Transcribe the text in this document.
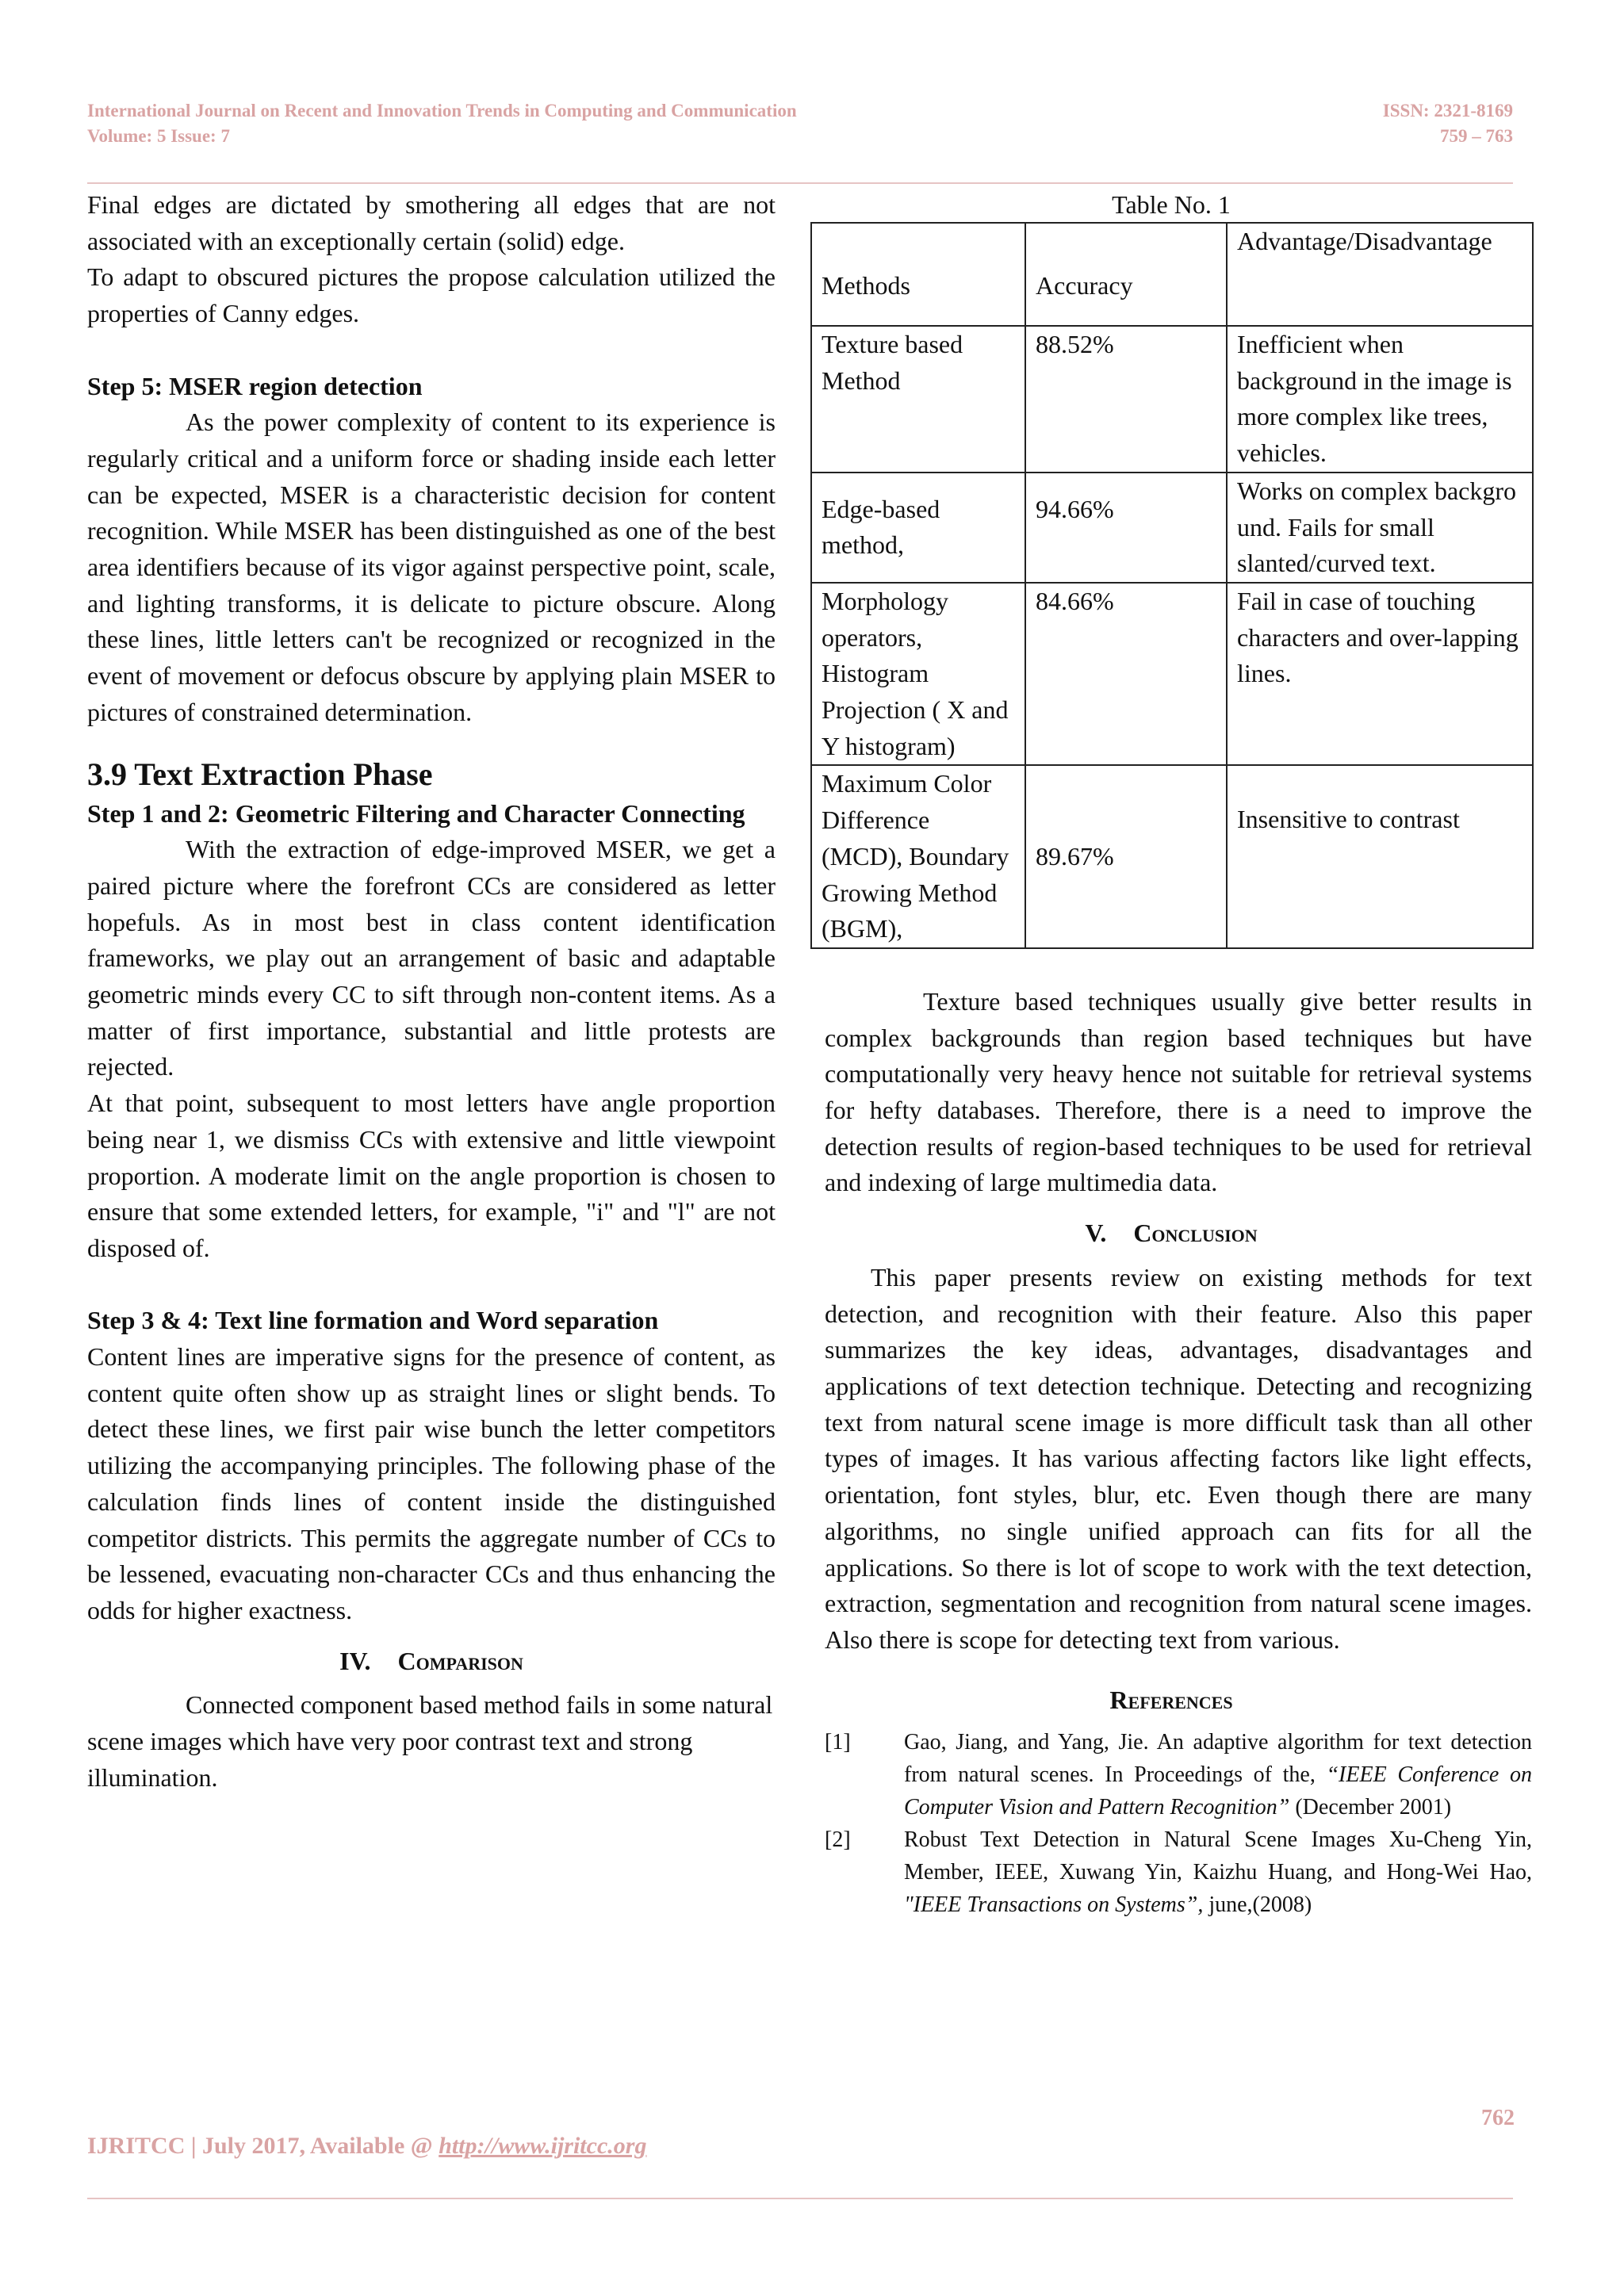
International Journal on Recent and Innovation Trends in Computing and Communication
Volume: 5 Issue: 7
ISSN: 2321-8169
759 – 763

Final edges are dictated by smothering all edges that are not associated with an exceptionally certain (solid) edge.

To adapt to obscured pictures the propose calculation utilized the properties of Canny edges.

Step 5: MSER region detection

As the power complexity of content to its experience is regularly critical and a uniform force or shading inside each letter can be expected, MSER is a characteristic decision for content recognition. While MSER has been distinguished as one of the best area identifiers because of its vigor against perspective point, scale, and lighting transforms, it is delicate to picture obscure. Along these lines, little letters can't be recognized or recognized in the event of movement or defocus obscure by applying plain MSER to pictures of constrained determination.

3.9 Text Extraction Phase

Step 1 and 2: Geometric Filtering and Character Connecting

With the extraction of edge-improved MSER, we get a paired picture where the forefront CCs are considered as letter hopefuls. As in most best in class content identification frameworks, we play out an arrangement of basic and adaptable geometric minds every CC to sift through non-content items. As a matter of first importance, substantial and little protests are rejected.

At that point, subsequent to most letters have angle proportion being near 1, we dismiss CCs with extensive and little viewpoint proportion. A moderate limit on the angle proportion is chosen to ensure that some extended letters, for example, "i" and "l" are not disposed of.

Step 3 & 4: Text line formation and Word separation

Content lines are imperative signs for the presence of content, as content quite often show up as straight lines or slight bends. To detect these lines, we first pair wise bunch the letter competitors utilizing the accompanying principles. The following phase of the calculation finds lines of content inside the distinguished competitor districts. This permits the aggregate number of CCs to be lessened, evacuating non-character CCs and thus enhancing the odds for higher exactness.

IV. Comparison

Connected component based method fails in some natural scene images which have very poor contrast text and strong illumination.

Table No. 1
Methods	Accuracy	Advantage/Disadvantage
Texture based Method	88.52%	Inefficient when background in the image is more complex like trees, vehicles.
Edge-based method,	94.66%	Works on complex backgro und. Fails for small slanted/curved text.
Morphology operators, Histogram Projection ( X and Y histogram)	84.66%	Fail in case of touching characters and over-lapping lines.
Maximum Color Difference (MCD), Boundary Growing Method (BGM),	89.67%	Insensitive to contrast

Texture based techniques usually give better results in complex backgrounds than region based techniques but have computationally very heavy hence not suitable for retrieval systems for hefty databases. Therefore, there is a need to improve the detection results of region-based techniques to be used for retrieval and indexing of large multimedia data.

V. Conclusion

This paper presents review on existing methods for text detection, and recognition with their feature. Also this paper summarizes the key ideas, advantages, disadvantages and applications of text detection technique. Detecting and recognizing text from natural scene image is more difficult task than all other types of images. It has various affecting factors like light effects, orientation, font styles, blur, etc. Even though there are many algorithms, no single unified approach can fits for all the applications. So there is lot of scope to work with the text detection, extraction, segmentation and recognition from natural scene images. Also there is scope for detecting text from various.

References
[1]	Gao, Jiang, and Yang, Jie. An adaptive algorithm for text detection from natural scenes. In Proceedings of the, “IEEE Conference on Computer Vision and Pattern Recognition” (December 2001)
[2]	Robust Text Detection in Natural Scene Images Xu-Cheng Yin, Member, IEEE, Xuwang Yin, Kaizhu Huang, and Hong-Wei Hao, "IEEE Transactions on Systems”, june,(2008)
762
IJRITCC | July 2017, Available @ http://www.ijritcc.org
